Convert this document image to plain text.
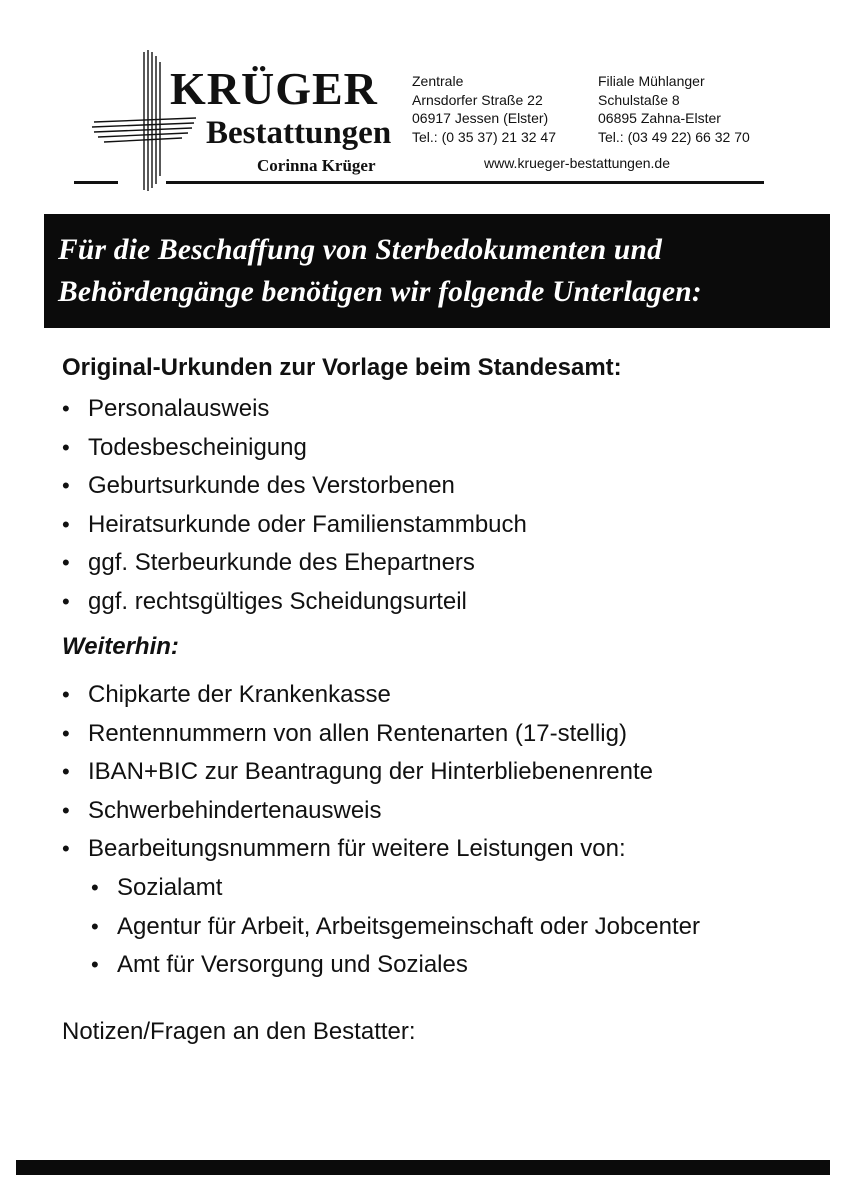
KRÜGER
Bestattungen
Corinna Krüger
Zentrale
Arnsdorfer Straße 22
06917 Jessen (Elster)
Tel.: (0 35 37) 21 32 47
Filiale Mühlanger
Schulstaße 8
06895 Zahna-Elster
Tel.: (03 49 22) 66 32 70
www.krueger-bestattungen.de
Für die Beschaffung von Sterbedokumenten und
Behördengänge benötigen wir folgende Unterlagen:
Original-Urkunden zur Vorlage beim Standesamt:
• Personalausweis
• Todesbescheinigung
• Geburtsurkunde des Verstorbenen
• Heiratsurkunde oder Familienstammbuch
• ggf. Sterbeurkunde des Ehepartners
• ggf. rechtsgültiges Scheidungsurteil
Weiterhin:
• Chipkarte der Krankenkasse
• Rentennummern von allen Rentenarten (17-stellig)
• IBAN+BIC zur Beantragung der Hinterbliebenenrente
• Schwerbehindertenausweis
• Bearbeitungsnummern für weitere Leistungen von:
• Sozialamt
• Agentur für Arbeit, Arbeitsgemeinschaft oder Jobcenter
• Amt für Versorgung und Soziales
Notizen/Fragen an den Bestatter:
